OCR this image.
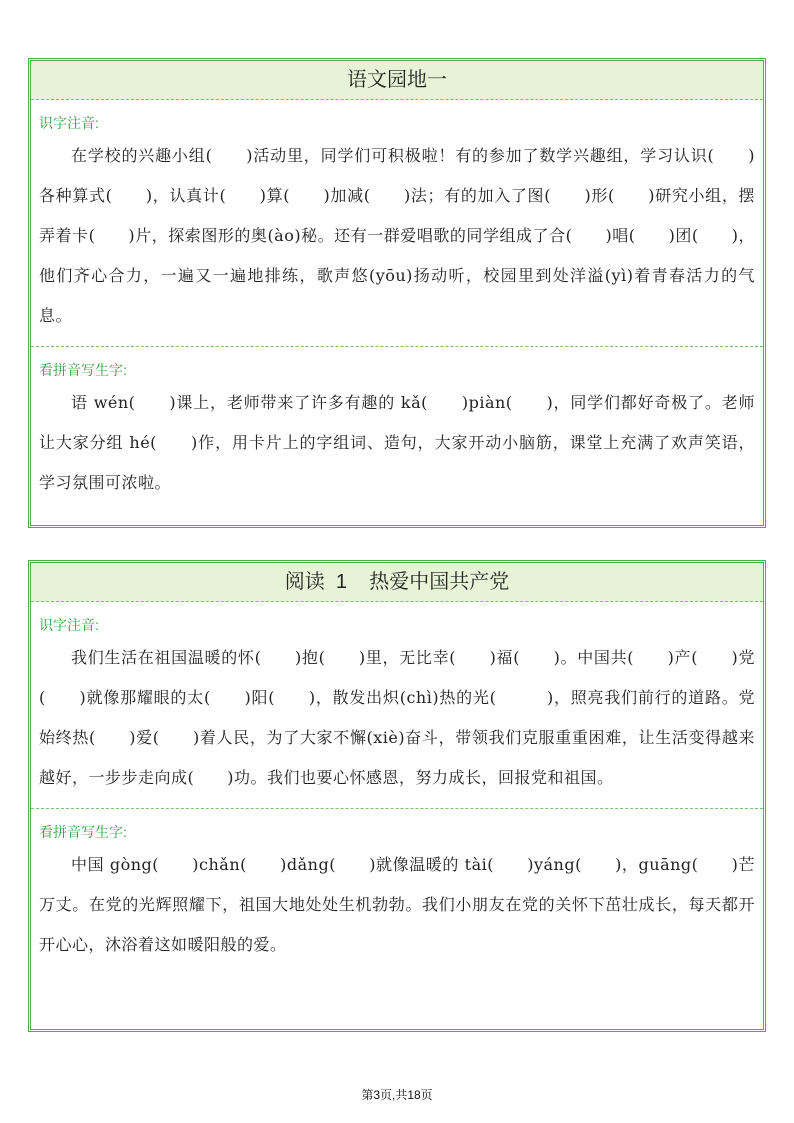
语文园地一
识字注音:

在学校的兴趣小组(　　)活动里，同学们可积极啦！有的参加了数学兴趣组，学习认识(　　)各种算式(　　)，认真计(　　)算(　　)加减(　　)法；有的加入了图(　　)形(　　)研究小组，摆弄着卡(　　)片，探索图形的奥(ào)秘。还有一群爱唱歌的同学组成了合(　　)唱(　　)团(　　)，他们齐心合力，一遍又一遍地排练，歌声悠(yōu)扬动听，校园里到处洋溢(yì)着青春活力的气息。

看拼音写生字:

语 wén(　　)课上，老师带来了许多有趣的 kǎ(　　)piàn(　　)，同学们都好奇极了。老师让大家分组 hé(　　)作，用卡片上的字组词、造句，大家开动小脑筋，课堂上充满了欢声笑语，学习氛围可浓啦。

阅读  1    热爱中国共产党
识字注音:

我们生活在祖国温暖的怀(　　)抱(　　)里，无比幸(　　)福(　　)。中国共(　　)产(　　)党(　　)就像那耀眼的太(　　)阳(　　)，散发出炽(chì)热的光(　　　)，照亮我们前行的道路。党始终热(　　)爱(　　)着人民，为了大家不懈(xiè)奋斗，带领我们克服重重困难，让生活变得越来越好，一步步走向成(　　)功。我们也要心怀感恩，努力成长，回报党和祖国。

看拼音写生字:

中国 gòng(　　)chǎn(　　)dǎng(　　)就像温暖的 tài(　　)yáng(　　)，guāng(　　)芒万丈。在党的光辉照耀下，祖国大地处处生机勃勃。我们小朋友在党的关怀下茁壮成长，每天都开开心心，沐浴着这如暖阳般的爱。

第3页,共18页
